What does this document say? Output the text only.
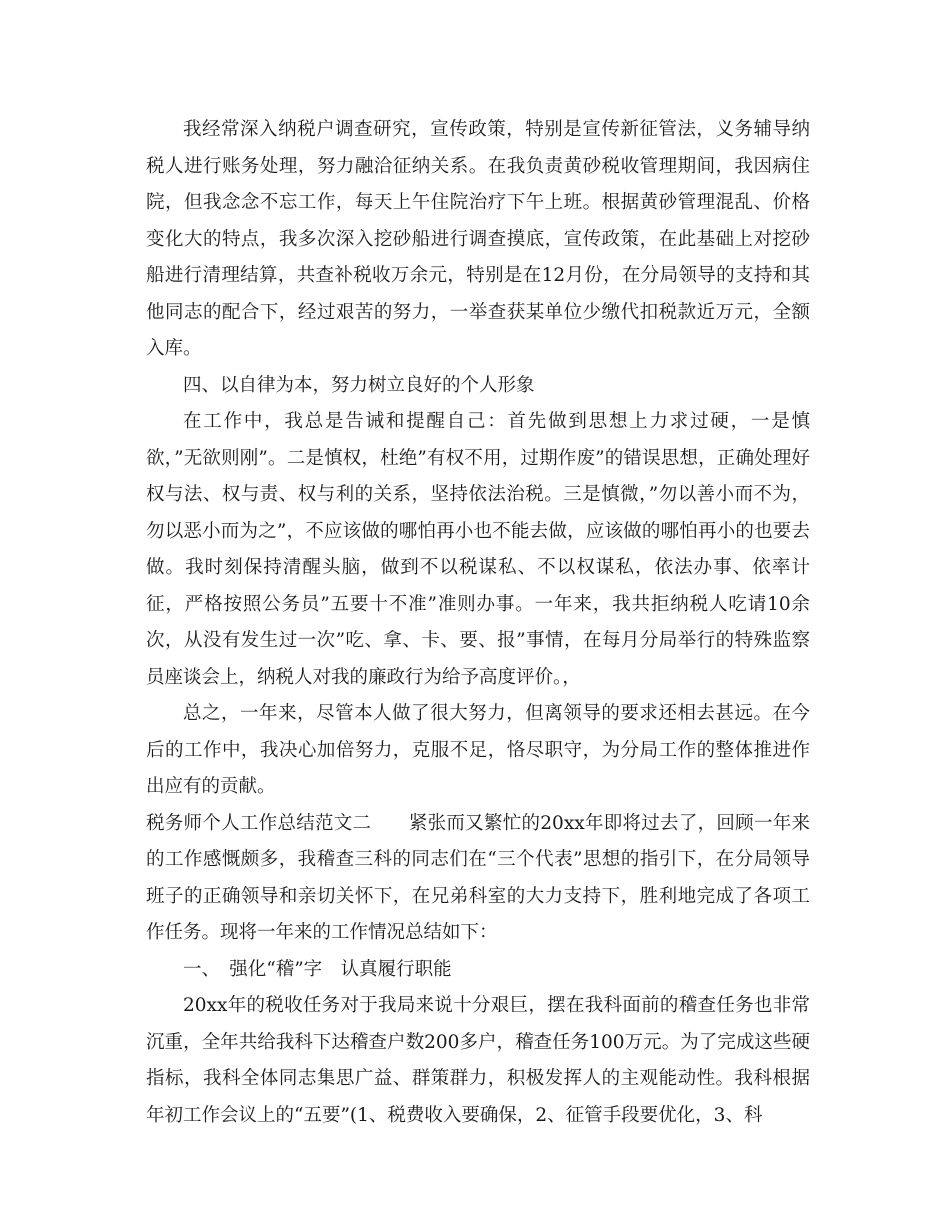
我经常深入纳税户调查研究，宣传政策，特别是宣传新征管法，义务辅导纳税人进行账务处理，努力融洽征纳关系。在我负责黄砂税收管理期间，我因病住院，但我念念不忘工作，每天上午住院治疗下午上班。根据黄砂管理混乱、价格变化大的特点，我多次深入挖砂船进行调查摸底，宣传政策，在此基础上对挖砂船进行清理结算，共查补税收万余元，特别是在12月份，在分局领导的支持和其他同志的配合下，经过艰苦的努力，一举查获某单位少缴代扣税款近万元，全额入库。

四、以自律为本，努力树立良好的个人形象

在工作中，我总是告诫和提醒自己：首先做到思想上力求过硬，一是慎欲，”无欲则刚”。二是慎权，杜绝”有权不用，过期作废”的错误思想，正确处理好权与法、权与责、权与利的关系，坚持依法治税。三是慎微，”勿以善小而不为，勿以恶小而为之”，不应该做的哪怕再小也不能去做，应该做的哪怕再小的也要去做。我时刻保持清醒头脑，做到不以税谋私、不以权谋私，依法办事、依率计征，严格按照公务员”五要十不准”准则办事。一年来，我共拒纳税人吃请10余次，从没有发生过一次”吃、拿、卡、要、报”事情，在每月分局举行的特殊监察员座谈会上，纳税人对我的廉政行为给予高度评价。，

总之，一年来，尽管本人做了很大努力，但离领导的要求还相去甚远。在今后的工作中，我决心加倍努力，克服不足，恪尽职守，为分局工作的整体推进作出应有的贡献。

税务师个人工作总结范文二　　紧张而又繁忙的20xx年即将过去了，回顾一年来的工作感慨颇多，我稽查三科的同志们在“三个代表”思想的指引下，在分局领导班子的正确领导和亲切关怀下，在兄弟科室的大力支持下，胜利地完成了各项工作任务。现将一年来的工作情况总结如下：

一、　强化“稽”字　认真履行职能

20xx年的税收任务对于我局来说十分艰巨，摆在我科面前的稽查任务也非常沉重，全年共给我科下达稽查户数200多户，稽查任务100万元。为了完成这些硬指标，我科全体同志集思广益、群策群力，积极发挥人的主观能动性。我科根据年初工作会议上的“五要”(1、税费收入要确保，2、征管手段要优化，3、科
